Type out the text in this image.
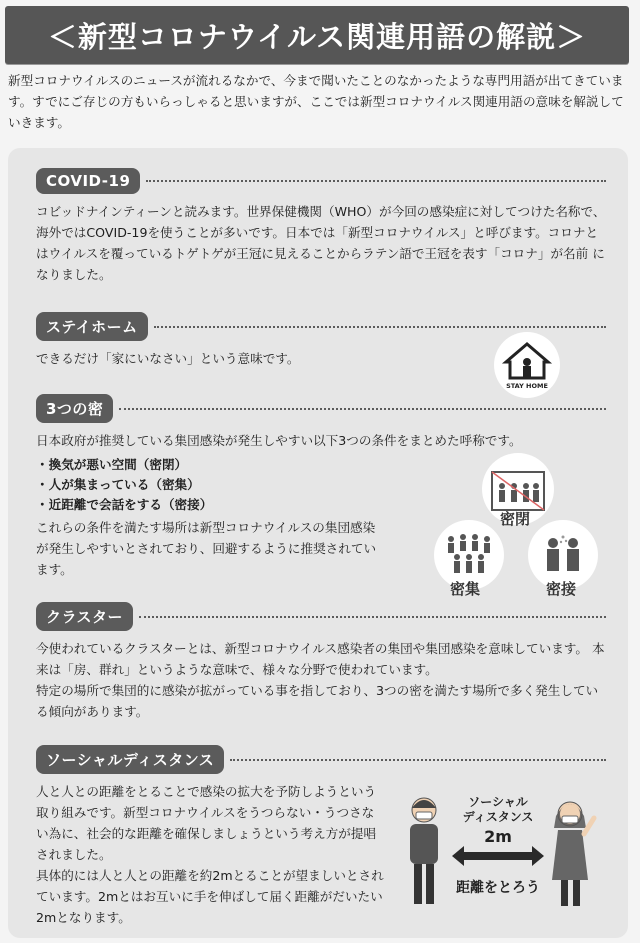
＜新型コロナウイルス関連用語の解説＞
新型コロナウイルスのニュースが流れるなかで、今まで聞いたことのなかったような専門用語が出てきています。すでにご存じの方もいらっしゃると思いますが、ここでは新型コロナウイルス関連用語の意味を解説していきます。
COVID-19
コビッドナインティーンと読みます。世界保健機関（WHO）が今回の感染症に対してつけた名称で、海外ではCOVID-19を使うことが多いです。日本では「新型コロナウイルス」と呼びます。コロナとはウイルスを覆っているトゲトゲが王冠に見えることからラテン語で王冠を表す「コロナ」が名前 になりました。
ステイホーム
できるだけ「家にいなさい」という意味です。
STAY HOME
3つの密
日本政府が推奨している集団感染が発生しやすい以下3つの条件をまとめた呼称です。
・ 換気が悪い空間（密閉）
・ 人が集まっている（密集）
・ 近距離で会話をする（密接）
これらの条件を満たす場所は新型コロナウイルスの集団感染が発生しやすいとされており、回避するように推奨されています。
密閉
密集	密接
クラスター
今使われているクラスターとは、新型コロナウイルス感染者の集団や集団感染を意味しています。 本来は「房、群れ」というような意味で、様々な分野で使われています。
特定の場所で集団的に感染が拡がっている事を指しており、3つの密を満たす場所で多く発生している傾向があります。
ソーシャルディスタンス
人と人との距離をとることで感染の拡大を予防しようという取り組みです。新型コロナウイルスをうつらない・うつさない為に、社会的な距離を確保しましょうという考え方が提唱されました。
具体的には人と人との距離を約2mとることが望ましいとされています。2mとはお互いに手を伸ばして届く距離がだいたい2mとなります。
ソーシャル
ディスタンス
2m
距離をとろう
